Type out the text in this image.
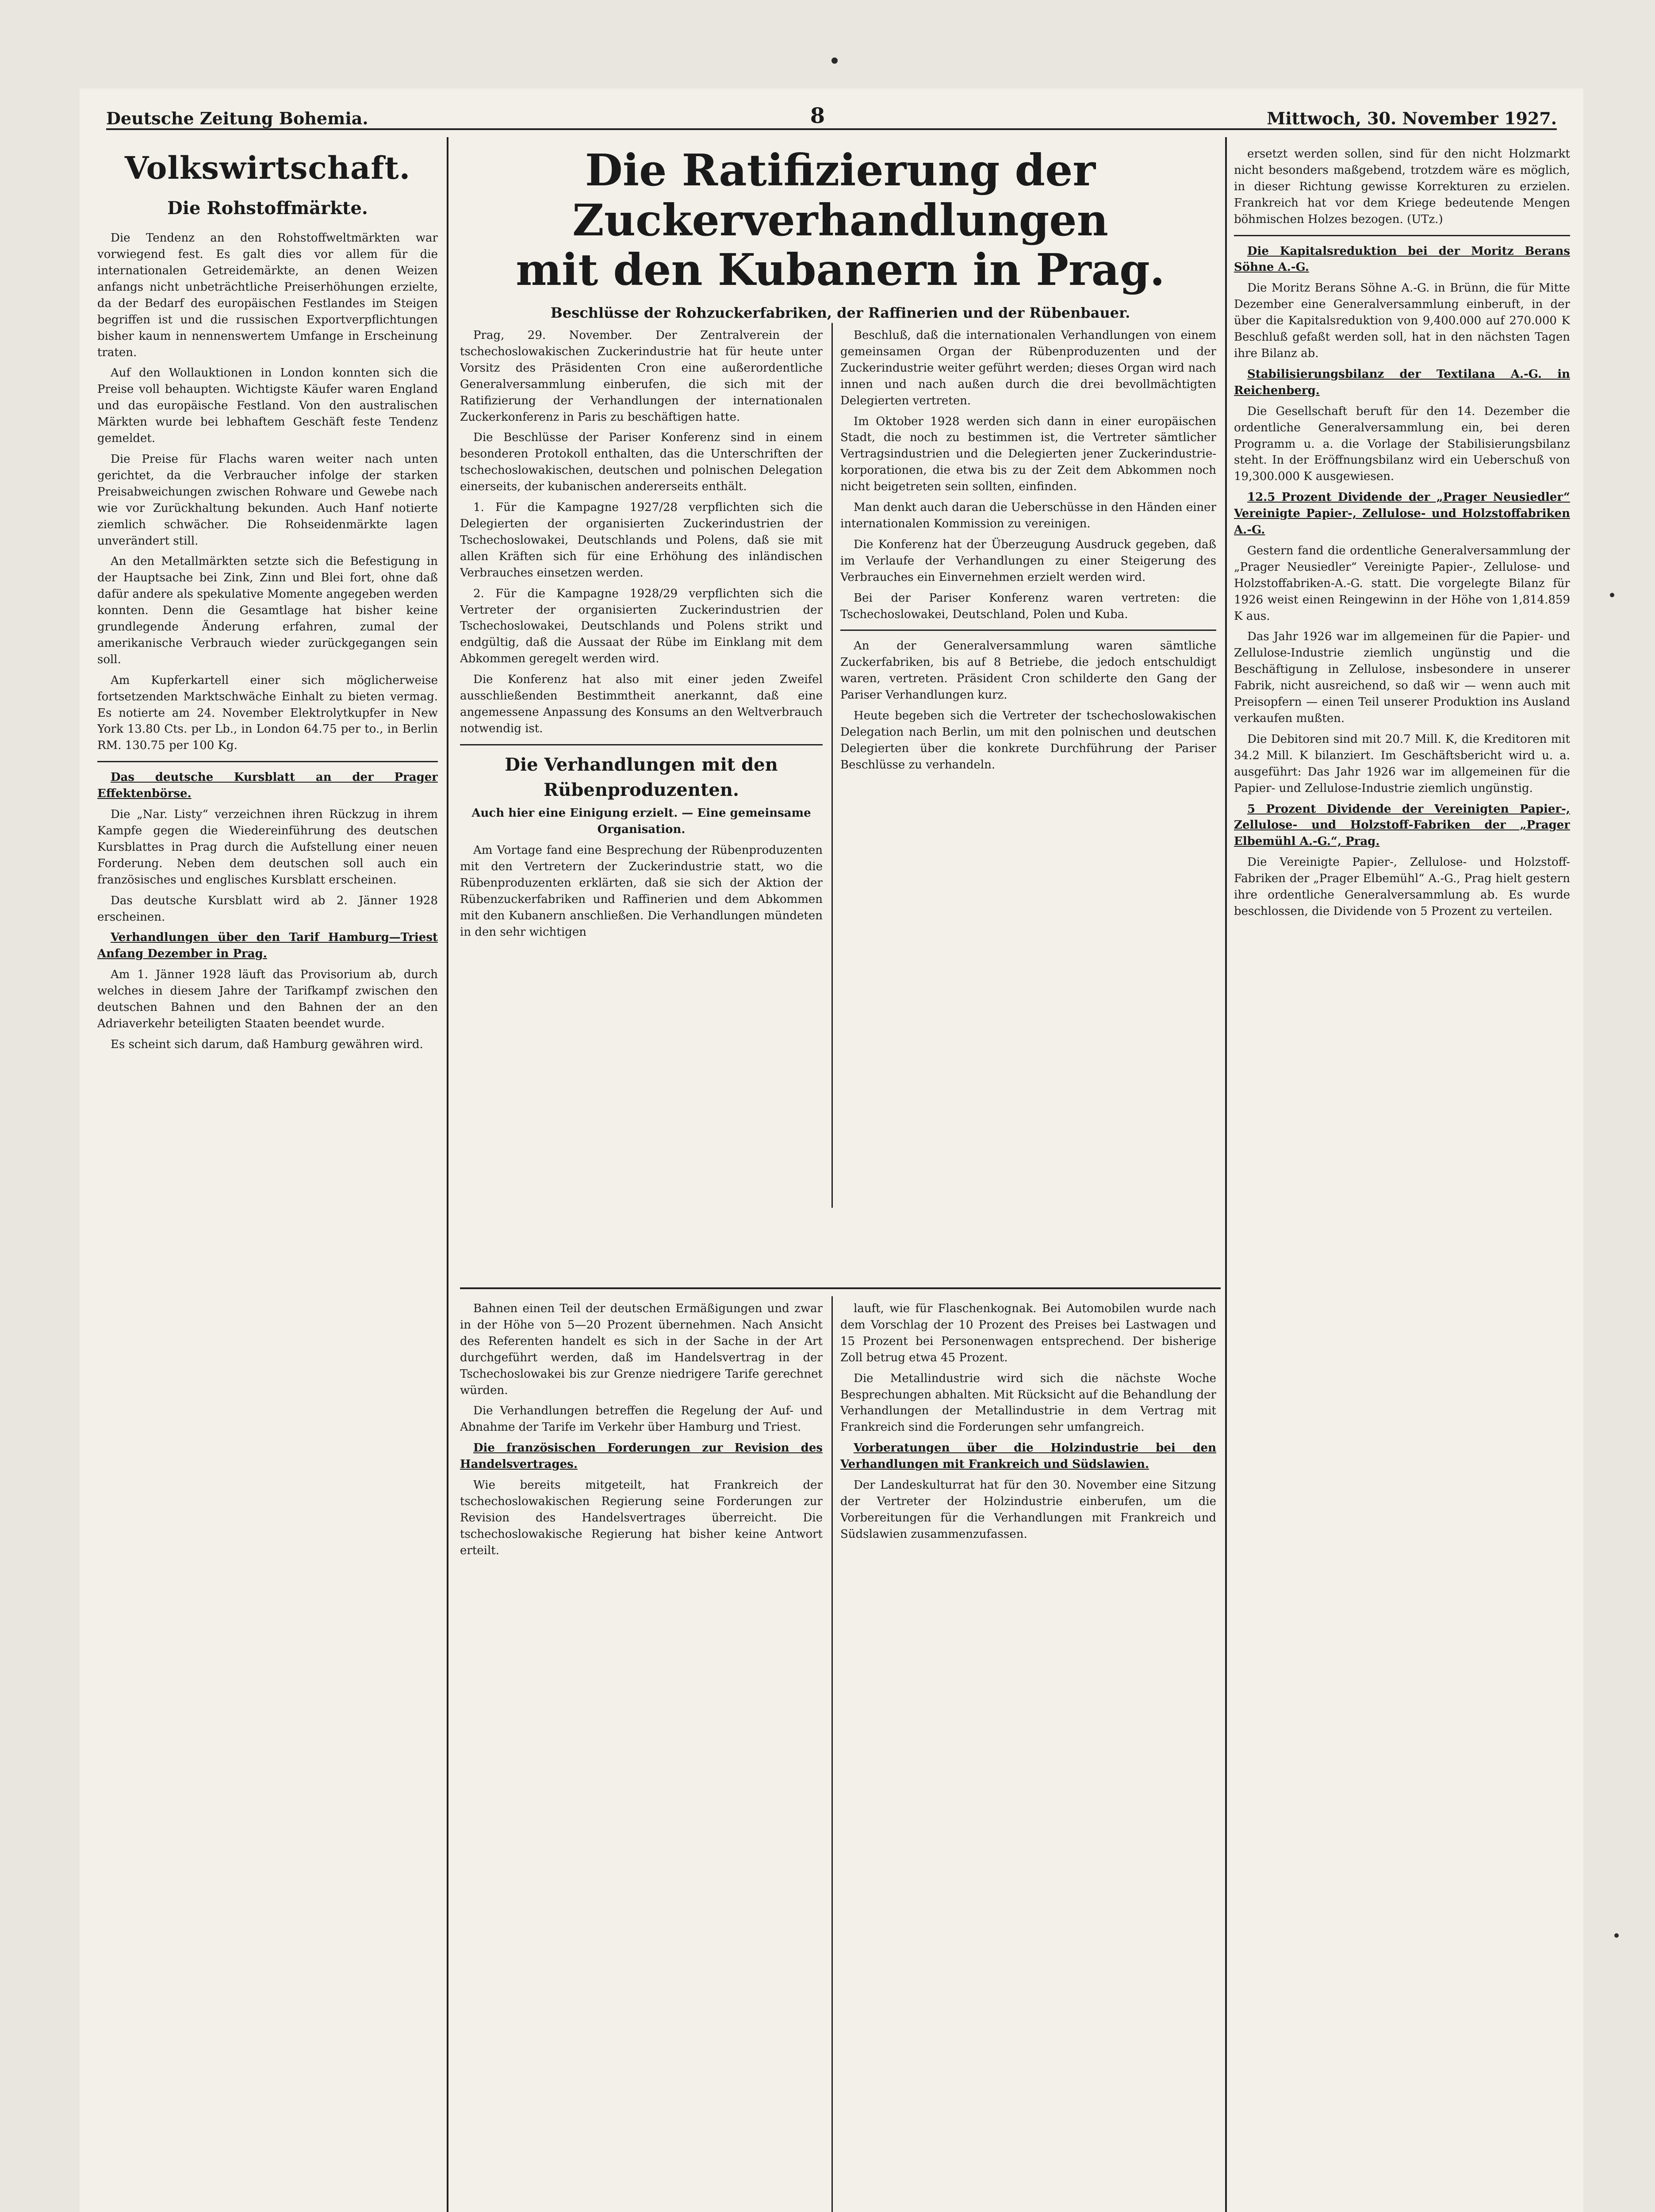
Deutsche Zeitung Bohemia.	8	Mittwoch, 30. November 1927.
Volkswirtschaft.
Die Rohstoffmärkte.

Die Tendenz an den Rohstoffweltmärkten war vorwiegend fest. Es galt dies vor allem für die internationalen Getreidemärkte, an denen Weizen anfangs nicht unbeträchtliche Preiserhöhungen erzielte, da der Bedarf des europäischen Festlandes im Steigen begriffen ist und die russischen Exportverpflichtungen bisher kaum in nennenswertem Umfange in Erscheinung traten.

Auf den Wollauktionen in London konnten sich die Preise voll behaupten. Wichtigste Käufer waren England und das europäische Festland. Von den australischen Märkten wurde bei lebhaftem Geschäft feste Tendenz gemeldet.

Die Preise für Flachs waren weiter nach unten gerichtet, da die Verbraucher infolge der starken Preisabweichungen zwischen Rohware und Gewebe nach wie vor Zurückhaltung bekunden. Auch Hanf notierte ziemlich schwächer. Die Rohseidenmärkte lagen unverändert still.

An den Metallmärkten setzte sich die Befestigung in der Hauptsache bei Zink, Zinn und Blei fort, ohne daß dafür andere als spekulative Momente angegeben werden konnten. Denn die Gesamtlage hat bisher keine grundlegende Änderung erfahren, zumal der amerikanische Verbrauch wieder zurückgegangen sein soll.

Am Kupferkartell einer sich möglicherweise fortsetzenden Marktschwäche Einhalt zu bieten vermag. Es notierte am 24. November Elektrolytkupfer in New York 13.80 Cts. per Lb., in London 64.75 per to., in Berlin RM. 130.75 per 100 Kg.

Das deutsche Kursblatt an der Prager Effektenbörse.

Die „Nar. Listy“ verzeichnen ihren Rückzug in ihrem Kampfe gegen die Wiedereinführung des deutschen Kursblattes in Prag durch die Aufstellung einer neuen Forderung. Neben dem deutschen soll auch ein französisches und englisches Kursblatt erscheinen.

Das deutsche Kursblatt wird ab 2. Jänner 1928 erscheinen.

Verhandlungen über den Tarif Hamburg—Triest Anfang Dezember in Prag.

Am 1. Jänner 1928 läuft das Provisorium ab, durch welches in diesem Jahre der Tarifkampf zwischen den deutschen Bahnen und den Bahnen der an den Adriaverkehr beteiligten Staaten beendet wurde.

Es scheint sich darum, daß Hamburg gewähren wird.

Die Ratifizierung der Zuckerverhandlungen
mit den Kubanern in Prag.
Beschlüsse der Rohzuckerfabriken, der Raffinerien und der Rübenbauer.

Prag, 29. November. Der Zentralverein der tschechoslowakischen Zuckerindustrie hat für heute unter Vorsitz des Präsidenten Cron eine außerordentliche Generalversammlung einberufen, die sich mit der Ratifizierung der Verhandlungen der internationalen Zuckerkonferenz in Paris zu beschäftigen hatte.

Die Beschlüsse der Pariser Konferenz sind in einem besonderen Protokoll enthalten, das die Unterschriften der tschechoslowakischen, deutschen und polnischen Delegation einerseits, der kubanischen andererseits enthält.

1. Für die Kampagne 1927/28 verpflichten sich die Delegierten der organisierten Zuckerindustrien der Tschechoslowakei, Deutschlands und Polens, daß sie mit allen Kräften sich für eine Erhöhung des inländischen Verbrauches einsetzen werden.

2. Für die Kampagne 1928/29 verpflichten sich die Vertreter der organisierten Zuckerindustrien der Tschechoslowakei, Deutschlands und Polens strikt und endgültig, daß die Aussaat der Rübe im Einklang mit dem Abkommen geregelt werden wird.

Die Konferenz hat also mit einer jeden Zweifel ausschließenden Bestimmtheit anerkannt, daß eine angemessene Anpassung des Konsums an den Weltverbrauch notwendig ist.

Die Verhandlungen mit den Rübenproduzenten.
Auch hier eine Einigung erzielt. — Eine gemeinsame Organisation.

Am Vortage fand eine Besprechung der Rübenproduzenten mit den Vertretern der Zuckerindustrie statt, wo die Rübenproduzenten erklärten, daß sie sich der Aktion der Rübenzuckerfabriken und Raffinerien und dem Abkommen mit den Kubanern anschließen. Die Verhandlungen mündeten in den sehr wichtigen

Beschluß, daß die internationalen Verhandlungen von einem gemeinsamen Organ der Rübenproduzenten und der Zuckerindustrie weiter geführt werden; dieses Organ wird nach innen und nach außen durch die drei bevollmächtigten Delegierten vertreten.

Im Oktober 1928 werden sich dann in einer europäischen Stadt, die noch zu bestimmen ist, die Vertreter sämtlicher Vertragsindustrien und die Delegierten jener Zuckerindustrie-korporationen, die etwa bis zu der Zeit dem Abkommen noch nicht beigetreten sein sollten, einfinden.

Man denkt auch daran die Ueberschüsse in den Händen einer internationalen Kommission zu vereinigen.

Die Konferenz hat der Überzeugung Ausdruck gegeben, daß im Verlaufe der Verhandlungen zu einer Steigerung des Verbrauches ein Einvernehmen erzielt werden wird.

Bei der Pariser Konferenz waren vertreten: die Tschechoslowakei, Deutschland, Polen und Kuba.

An der Generalversammlung waren sämtliche Zuckerfabriken, bis auf 8 Betriebe, die jedoch entschuldigt waren, vertreten. Präsident Cron schilderte den Gang der Pariser Verhandlungen kurz.

Heute begeben sich die Vertreter der tschechoslowakischen Delegation nach Berlin, um mit den polnischen und deutschen Delegierten über die konkrete Durchführung der Pariser Beschlüsse zu verhandeln.

Bahnen einen Teil der deutschen Ermäßigungen und zwar in der Höhe von 5—20 Prozent übernehmen. Nach Ansicht des Referenten handelt es sich in der Sache in der Art durchgeführt werden, daß im Handelsvertrag in der Tschechoslowakei bis zur Grenze niedrigere Tarife gerechnet würden.

Die Verhandlungen betreffen die Regelung der Auf- und Abnahme der Tarife im Verkehr über Hamburg und Triest.

Die französischen Forderungen zur Revision des Handelsvertrages.

Wie bereits mitgeteilt, hat Frankreich der tschechoslowakischen Regierung seine Forderungen zur Revision des Handelsvertrages überreicht. Die tschechoslowakische Regierung hat bisher keine Antwort erteilt.

lauft, wie für Flaschenkognak. Bei Automobilen wurde nach dem Vorschlag der 10 Prozent des Preises bei Lastwagen und 15 Prozent bei Personenwagen entsprechend. Der bisherige Zoll betrug etwa 45 Prozent.

Die Metallindustrie wird sich die nächste Woche Besprechungen abhalten. Mit Rücksicht auf die Behandlung der Verhandlungen der Metallindustrie in dem Vertrag mit Frankreich sind die Forderungen sehr umfangreich.

Vorberatungen über die Holzindustrie bei den Verhandlungen mit Frankreich und Südslawien.

Der Landeskulturrat hat für den 30. November eine Sitzung der Vertreter der Holzindustrie einberufen, um die Vorbereitungen für die Verhandlungen mit Frankreich und Südslawien zusammenzufassen.

ersetzt werden sollen, sind für den nicht Holzmarkt nicht besonders maßgebend, trotzdem wäre es möglich, in dieser Richtung gewisse Korrekturen zu erzielen. Frankreich hat vor dem Kriege bedeutende Mengen böhmischen Holzes bezogen. (UTz.)

Die Kapitalsreduktion bei der Moritz Berans Söhne A.-G.

Die Moritz Berans Söhne A.-G. in Brünn, die für Mitte Dezember eine Generalversammlung einberuft, in der über die Kapitalsreduktion von 9,400.000 auf 270.000 K Beschluß gefaßt werden soll, hat in den nächsten Tagen ihre Bilanz ab.

Stabilisierungsbilanz der Textilana A.-G. in Reichenberg.

Die Gesellschaft beruft für den 14. Dezember die ordentliche Generalversammlung ein, bei deren Programm u. a. die Vorlage der Stabilisierungsbilanz steht. In der Eröffnungsbilanz wird ein Ueberschuß von 19,300.000 K ausgewiesen.

12.5 Prozent Dividende der „Prager Neusiedler“ Vereinigte Papier-, Zellulose- und Holzstoffabriken A.-G.

Gestern fand die ordentliche Generalversammlung der „Prager Neusiedler“ Vereinigte Papier-, Zellulose- und Holzstoffabriken-A.-G. statt. Die vorgelegte Bilanz für 1926 weist einen Reingewinn in der Höhe von 1,814.859 K aus.

Das Jahr 1926 war im allgemeinen für die Papier- und Zellulose-Industrie ziemlich ungünstig und die Beschäftigung in Zellulose, insbesondere in unserer Fabrik, nicht ausreichend, so daß wir — wenn auch mit Preisopfern — einen Teil unserer Produktion ins Ausland verkaufen mußten.

Die Debitoren sind mit 20.7 Mill. K, die Kreditoren mit 34.2 Mill. K bilanziert. Im Geschäftsbericht wird u. a. ausgeführt: Das Jahr 1926 war im allgemeinen für die Papier- und Zellulose-Industrie ziemlich ungünstig.

5 Prozent Dividende der Vereinigten Papier-, Zellulose- und Holzstoff-Fabriken der „Prager Elbemühl A.-G.“, Prag.

Die Vereinigte Papier-, Zellulose- und Holzstoff-Fabriken der „Prager Elbemühl“ A.-G., Prag hielt gestern ihre ordentliche Generalversammlung ab. Es wurde beschlossen, die Dividende von 5 Prozent zu verteilen.
